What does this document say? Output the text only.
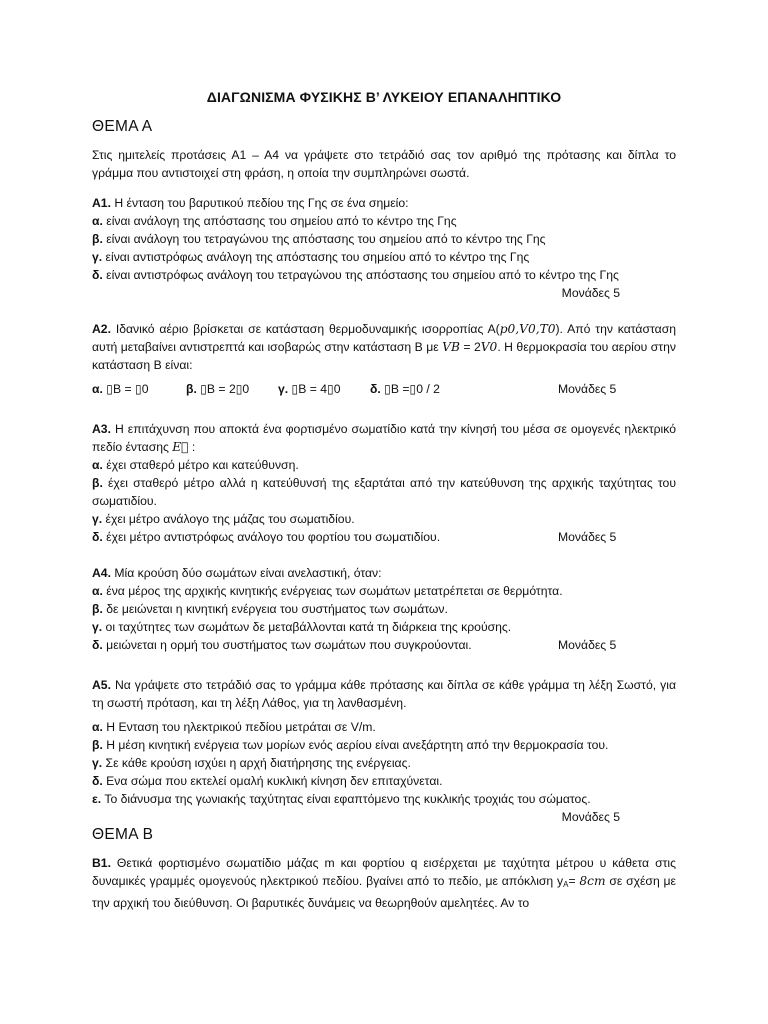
ΔΙΑΓΩΝΙΣΜΑ ΦΥΣΙΚΗΣ Β’ ΛΥΚΕΙΟΥ ΕΠΑΝΑΛΗΠΤΙΚΟ
ΘΕΜΑ Α

Στις ημιτελείς προτάσεις Α1 – Α4 να γράψετε στο τετράδιό σας τον αριθμό της πρότασης και δίπλα το γράμμα που αντιστοιχεί στη φράση, η οποία την συμπληρώνει σωστά.

Α1. Η ένταση του βαρυτικού πεδίου της Γης σε ένα σημείο:

α. είναι ανάλογη της απόστασης του σημείου από το κέντρο της Γης

β. είναι ανάλογη του τετραγώνου της απόστασης του σημείου από το κέντρο της Γης

γ. είναι αντιστρόφως ανάλογη της απόστασης του σημείου από το κέντρο της Γης

δ. είναι αντιστρόφως ανάλογη του τετραγώνου της απόστασης του σημείου από το κέντρο της Γης

Μονάδες 5

Α2. Ιδανικό αέριο βρίσκεται σε κατάσταση θερμοδυναμικής ισορροπίας Α(p0,V0,T0). Από την κατάσταση αυτή μεταβαίνει αντιστρεπτά και ισοβαρώς στην κατάσταση Β με VB = 2V0. Η θερμοκρασία του αερίου στην κατάσταση Β είναι:

α. ▯B = ▯0	β. ▯B = 2▯0 γ. ▯B = 4▯0 δ. ▯B =▯0 / 2	Μονάδες 5

Α3. Η επιτάχυνση που αποκτά ένα φορτισμένο σωματίδιο κατά την κίνησή του μέσα σε ομογενές ηλεκτρικό πεδίο έντασης E⃗ :

α. έχει σταθερό μέτρο και κατεύθυνση.

β. έχει σταθερό μέτρο αλλά η κατεύθυνσή της εξαρτάται από την κατεύθυνση της αρχικής ταχύτητας του σωματιδίου.

γ. έχει μέτρο ανάλογο της μάζας του σωματιδίου.

δ. έχει μέτρο αντιστρόφως ανάλογο του φορτίου του σωματιδίου.	Μονάδες 5

Α4. Μία κρούση δύο σωμάτων είναι ανελαστική, όταν:

α. ένα μέρος της αρχικής κινητικής ενέργειας των σωμάτων μετατρέπεται σε θερμότητα.

β. δε μειώνεται η κινητική ενέργεια του συστήματος των σωμάτων.

γ. οι ταχύτητες των σωμάτων δε μεταβάλλονται κατά τη διάρκεια της κρούσης.

δ. μειώνεται η ορμή του συστήματος των σωμάτων που συγκρούονται.	Μονάδες 5

Α5. Να γράψετε στο τετράδιό σας το γράμμα κάθε πρότασης και δίπλα σε κάθε γράμμα τη λέξη Σωστό, για τη σωστή πρόταση, και τη λέξη Λάθος, για τη λανθασμένη.

α. Η Ενταση του ηλεκτρικού πεδίου μετράται σε V/m.

β. Η μέση κινητική ενέργεια των μορίων ενός αερίου είναι ανεξάρτητη από την θερμοκρασία του.

γ. Σε κάθε κρούση ισχύει η αρχή διατήρησης της ενέργειας.

δ. Ενα σώμα που εκτελεί ομαλή κυκλική κίνηση δεν επιταχύνεται.

ε. Το διάνυσμα της γωνιακής ταχύτητας είναι εφαπτόμενο της κυκλικής τροχιάς του σώματος.

Μονάδες 5

ΘΕΜΑ Β

Β1. Θετικά φορτισμένο σωματίδιο μάζας m και φορτίου q εισέρχεται με ταχύτητα μέτρου υ κάθετα στις δυναμικές γραμμές ομογενούς ηλεκτρικού πεδίου. βγαίνει από το πεδίο, με απόκλιση $y_A= 8cm$ σε σχέση με την αρχική του διεύθυνση. Οι βαρυτικές δυνάμεις να θεωρηθούν αμελητέες. Αν το
